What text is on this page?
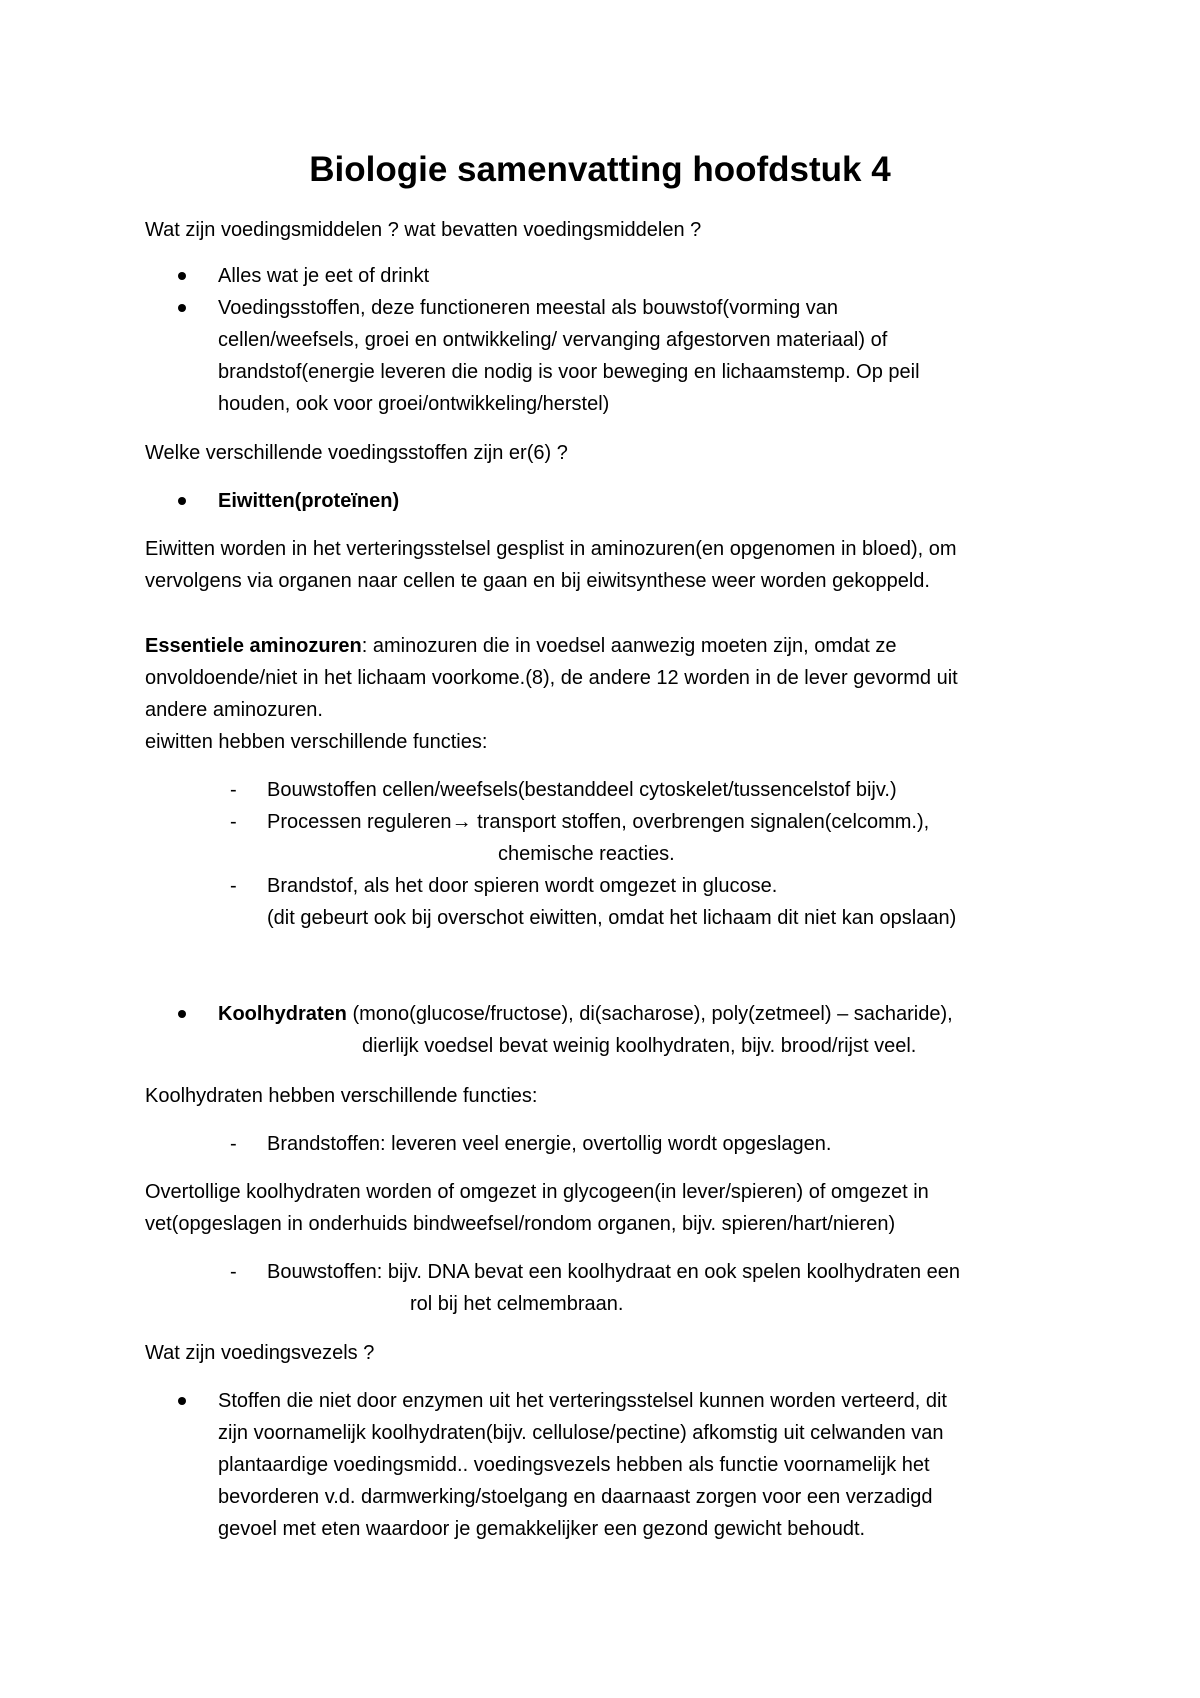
Biologie samenvatting hoofdstuk 4
Wat zijn voedingsmiddelen ? wat bevatten voedingsmiddelen ?
Alles wat je eet of drinkt
Voedingsstoffen, deze functioneren meestal als bouwstof(vorming van
cellen/weefsels, groei en ontwikkeling/ vervanging afgestorven materiaal) of
brandstof(energie leveren die nodig is voor beweging en lichaamstemp. Op peil
houden, ook voor groei/ontwikkeling/herstel)
Welke verschillende voedingsstoffen zijn er(6) ?
Eiwitten(proteïnen)
Eiwitten worden in het verteringsstelsel gesplist in aminozuren(en opgenomen in bloed), om
vervolgens via organen naar cellen te gaan en bij eiwitsynthese weer worden gekoppeld.
Essentiele aminozuren: aminozuren die in voedsel aanwezig moeten zijn, omdat ze
onvoldoende/niet in het lichaam voorkome.(8), de andere 12 worden in de lever gevormd uit
andere aminozuren.
eiwitten hebben verschillende functies:
- Bouwstoffen cellen/weefsels(bestanddeel cytoskelet/tussencelstof bijv.)
- Processen reguleren→ transport stoffen, overbrengen signalen(celcomm.),
chemische reacties.
- Brandstof, als het door spieren wordt omgezet in glucose.
(dit gebeurt ook bij overschot eiwitten, omdat het lichaam dit niet kan opslaan)
Koolhydraten (mono(glucose/fructose), di(sacharose), poly(zetmeel) – sacharide),
dierlijk voedsel bevat weinig koolhydraten, bijv. brood/rijst veel.
Koolhydraten hebben verschillende functies:
- Brandstoffen: leveren veel energie, overtollig wordt opgeslagen.
Overtollige koolhydraten worden of omgezet in glycogeen(in lever/spieren) of omgezet in
vet(opgeslagen in onderhuids bindweefsel/rondom organen, bijv. spieren/hart/nieren)
- Bouwstoffen: bijv. DNA bevat een koolhydraat en ook spelen koolhydraten een
rol bij het celmembraan.
Wat zijn voedingsvezels ?
Stoffen die niet door enzymen uit het verteringsstelsel kunnen worden verteerd, dit
zijn voornamelijk koolhydraten(bijv. cellulose/pectine) afkomstig uit celwanden van
plantaardige voedingsmidd.. voedingsvezels hebben als functie voornamelijk het
bevorderen v.d. darmwerking/stoelgang en daarnaast zorgen voor een verzadigd
gevoel met eten waardoor je gemakkelijker een gezond gewicht behoudt.
